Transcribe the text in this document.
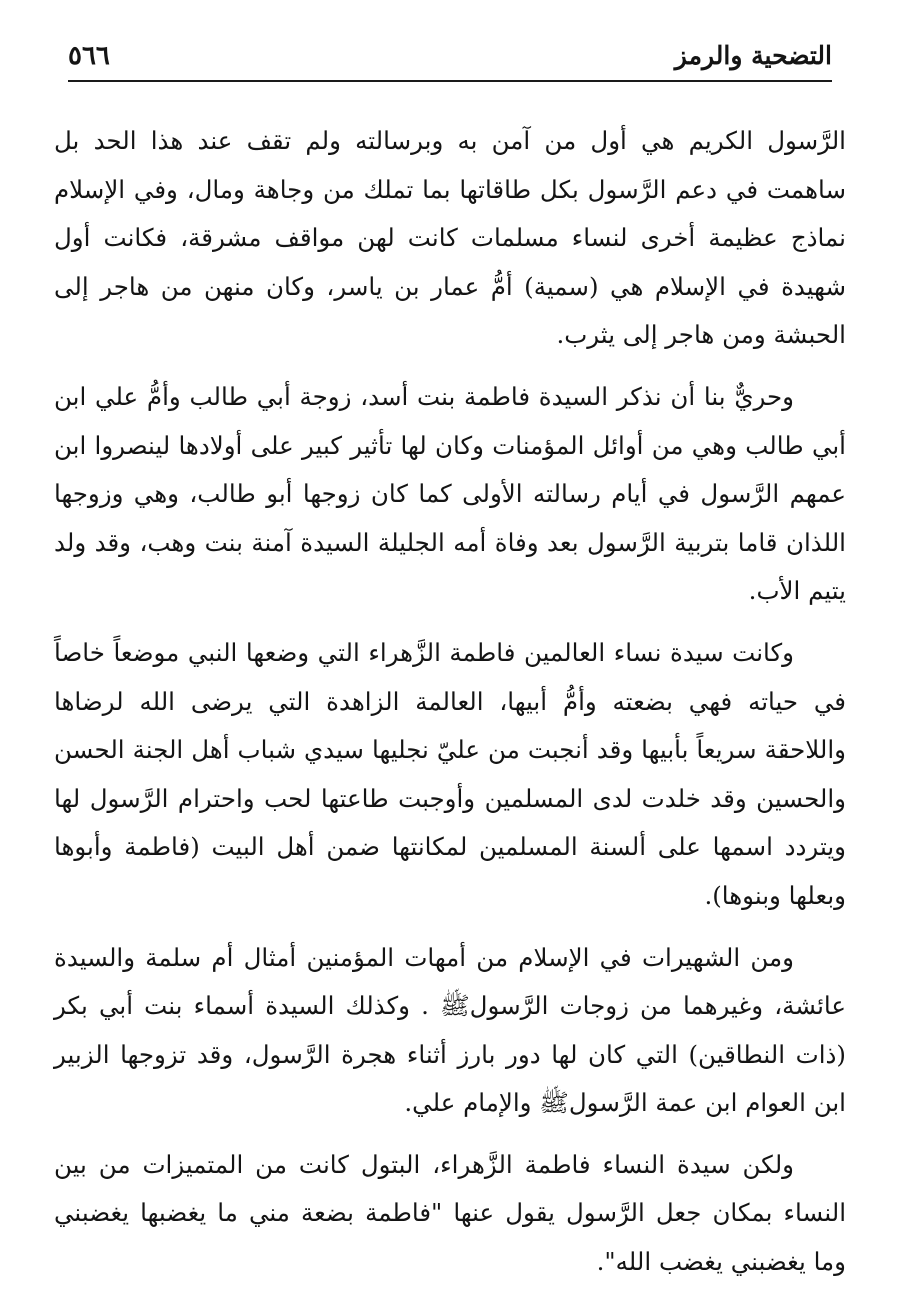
التضحية والرمز
٥٦٦

الرَّسول الكريم هي أول من آمن به وبرسالته ولم تقف عند هذا الحد بل ساهمت في دعم الرَّسول بكل طاقاتها بما تملك من وجاهة ومال، وفي الإسلام نماذج عظيمة أخرى لنساء مسلمات كانت لهن مواقف مشرقة، فكانت أول شهيدة في الإسلام هي (سمية) أمُّ عمار بن ياسر، وكان منهن من هاجر إلى الحبشة ومن هاجر إلى يثرب.

وحريٌّ بنا أن نذكر السيدة فاطمة بنت أسد، زوجة أبي طالب وأمُّ علي ابن أبي طالب وهي من أوائل المؤمنات وكان لها تأثير كبير على أولادها لينصروا ابن عمهم الرَّسول في أيام رسالته الأولى كما كان زوجها أبو طالب، وهي وزوجها اللذان قاما بتربية الرَّسول بعد وفاة أمه الجليلة السيدة آمنة بنت وهب، وقد ولد يتيم الأب.

وكانت سيدة نساء العالمين فاطمة الزَّهراء التي وضعها النبي موضعاً خاصاً في حياته فهي بضعته وأمُّ أبيها، العالمة الزاهدة التي يرضى الله لرضاها واللاحقة سريعاً بأبيها وقد أنجبت من عليّ نجليها سيدي شباب أهل الجنة الحسن والحسين وقد خلدت لدى المسلمين وأوجبت طاعتها لحب واحترام الرَّسول لها ويتردد اسمها على ألسنة المسلمين لمكانتها ضمن أهل البيت (فاطمة وأبوها وبعلها وبنوها).

ومن الشهيرات في الإسلام من أمهات المؤمنين أمثال أم سلمة والسيدة عائشة، وغيرهما من زوجات الرَّسولﷺ . وكذلك السيدة أسماء بنت أبي بكر (ذات النطاقين) التي كان لها دور بارز أثناء هجرة الرَّسول، وقد تزوجها الزبير ابن العوام ابن عمة الرَّسولﷺ والإمام علي.

ولكن سيدة النساء فاطمة الزَّهراء، البتول كانت من المتميزات من بين النساء بمكان جعل الرَّسول يقول عنها "فاطمة بضعة مني ما يغضبها يغضبني وما يغضبني يغضب الله".
